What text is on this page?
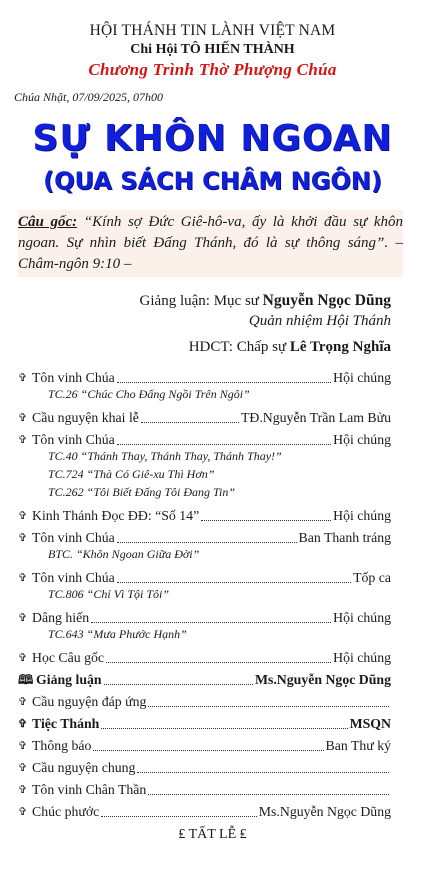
HỘI THÁNH TIN LÀNH VIỆT NAM
Chi Hội TÔ HIẾN THÀNH
Chương Trình Thờ Phượng Chúa
Chúa Nhật, 07/09/2025, 07h00
SỰ KHÔN NGOAN
(QUA SÁCH CHÂM NGÔN)
Câu gốc: “Kính sợ Đức Giê-hô-va, ấy là khởi đầu sự khôn ngoan. Sự nhìn biết Đấng Thánh, đó là sự thông sáng”. – Châm-ngôn 9:10 –
Giảng luận: Mục sư Nguyễn Ngọc Dũng
Quản nhiệm Hội Thánh
HDCT: Chấp sự Lê Trọng Nghĩa
✞ Tôn vinh Chúa	Hội chúng
TC.26 “Chúc Cho Đấng Ngồi Trên Ngôi”
✞ Cầu nguyện khai lễ	TĐ.Nguyễn Trần Lam Bửu
✞ Tôn vinh Chúa	Hội chúng
TC.40 “Thánh Thay, Thánh Thay, Thánh Thay!”
TC.724 “Thà Có Giê-xu Thì Hơn”
TC.262 “Tôi Biết Đấng Tôi Đang Tin”
✞ Kinh Thánh Đọc ĐĐ: “Số 14”	Hội chúng
✞ Tôn vinh Chúa	Ban Thanh tráng
BTC. “Khôn Ngoan Giữa Đời”
✞ Tôn vinh Chúa	Tốp ca
TC.806 “Chỉ Vì Tội Tôi”
✞ Dâng hiến	Hội chúng
TC.643 “Mưa Phước Hạnh”
✞ Học Câu gốc	Hội chúng
🕮 Giảng luận	Ms.Nguyễn Ngọc Dũng
✞ Cầu nguyện đáp ứng
✞ Tiệc Thánh	MSQN
✞ Thông báo	Ban Thư ký
✞ Cầu nguyện chung
✞ Tôn vinh Chân Thần
✞ Chúc phước	Ms.Nguyễn Ngọc Dũng
₤ TẤT LỄ ₤
